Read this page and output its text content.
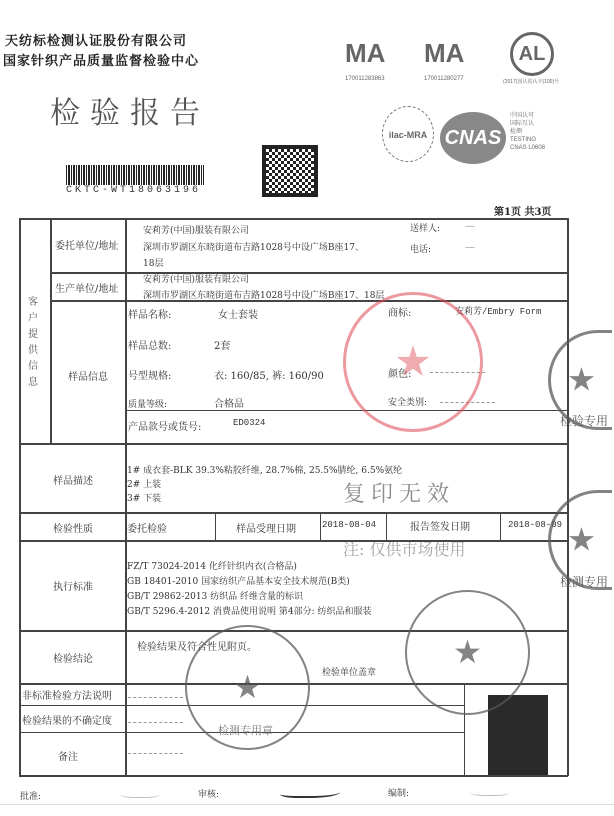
天纺标检测认证股份有限公司
国家针织产品质量监督检验中心
检验报告
CKTC-WT18063196
MA
170011283863
MA
170011280277
AL
(2017)国认监认字(100)号
ilac-MRA CNAS
中国认可
国际互认
检测
TESTING
CNAS L0608
第1页 共3页
客户提供信息
委托单位/地址
安莉芳(中国)服装有限公司
深圳市罗湖区东晓街道布吉路1028号中设广场B座17、
18层
送样人: —
电话:	—
生产单位/地址
安莉芳(中国)服装有限公司
深圳市罗湖区东晓街道布吉路1028号中设广场B座17、18层
样品信息
样品名称:	女士套装	商标:	安莉芳/Embry Form
样品总数:	2套
号型规格:	衣: 160/85, 裤: 160/90	颜色:
质量等级:	合格品	安全类别:
产品款号或货号:	ED0324
样品描述
1# 成衣套-BLK 39.3%粘胶纤维, 28.7%棉, 25.5%腈纶, 6.5%氨纶
2# 上装
3# 下装
检验性质	委托检验	样品受理日期	2018-08-04	报告签发日期	2018-08-09
执行标准
FZ/T 73024-2014 化纤针织内衣(合格品)
GB 18401-2010 国家纺织产品基本安全技术规范(B类)
GB/T 29862-2013 纺织品 纤维含量的标识
GB/T 5296.4-2012 消费品使用说明 第4部分: 纺织品和服装
检验结论
检验结果及符合性见附页。
检验单位盖章
非标准检验方法说明
检验结果的不确定度
备注
复印无效
注: 仅供市场使用
检验专用
检测专用
检测专用章
批准:	审核:	编制:
